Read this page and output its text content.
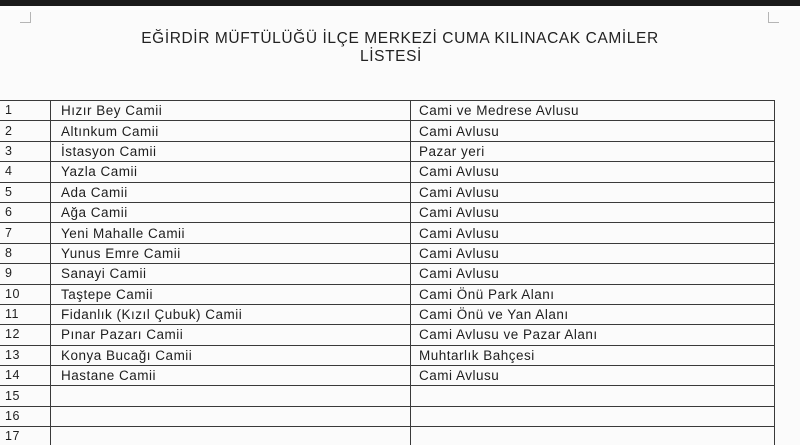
EĞİRDİR MÜFTÜLÜĞÜ İLÇE MERKEZİ CUMA KILINACAK CAMİLER
LİSTESİ
1	Hızır Bey Camii	Cami ve Medrese Avlusu
2	Altınkum Camii	Cami Avlusu
3	İstasyon Camii	Pazar yeri
4	Yazla Camii	Cami Avlusu
5	Ada Camii	Cami Avlusu
6	Ağa Camii	Cami Avlusu
7	Yeni Mahalle Camii	Cami Avlusu
8	Yunus Emre Camii	Cami Avlusu
9	Sanayi Camii	Cami Avlusu
10	Taştepe Camii	Cami Önü Park Alanı
11	Fidanlık (Kızıl Çubuk) Camii	Cami Önü ve Yan Alanı
12	Pınar Pazarı Camii	Cami Avlusu ve Pazar Alanı
13	Konya Bucağı Camii	Muhtarlık Bahçesi
14	Hastane Camii	Cami Avlusu
15		
16		
17		
